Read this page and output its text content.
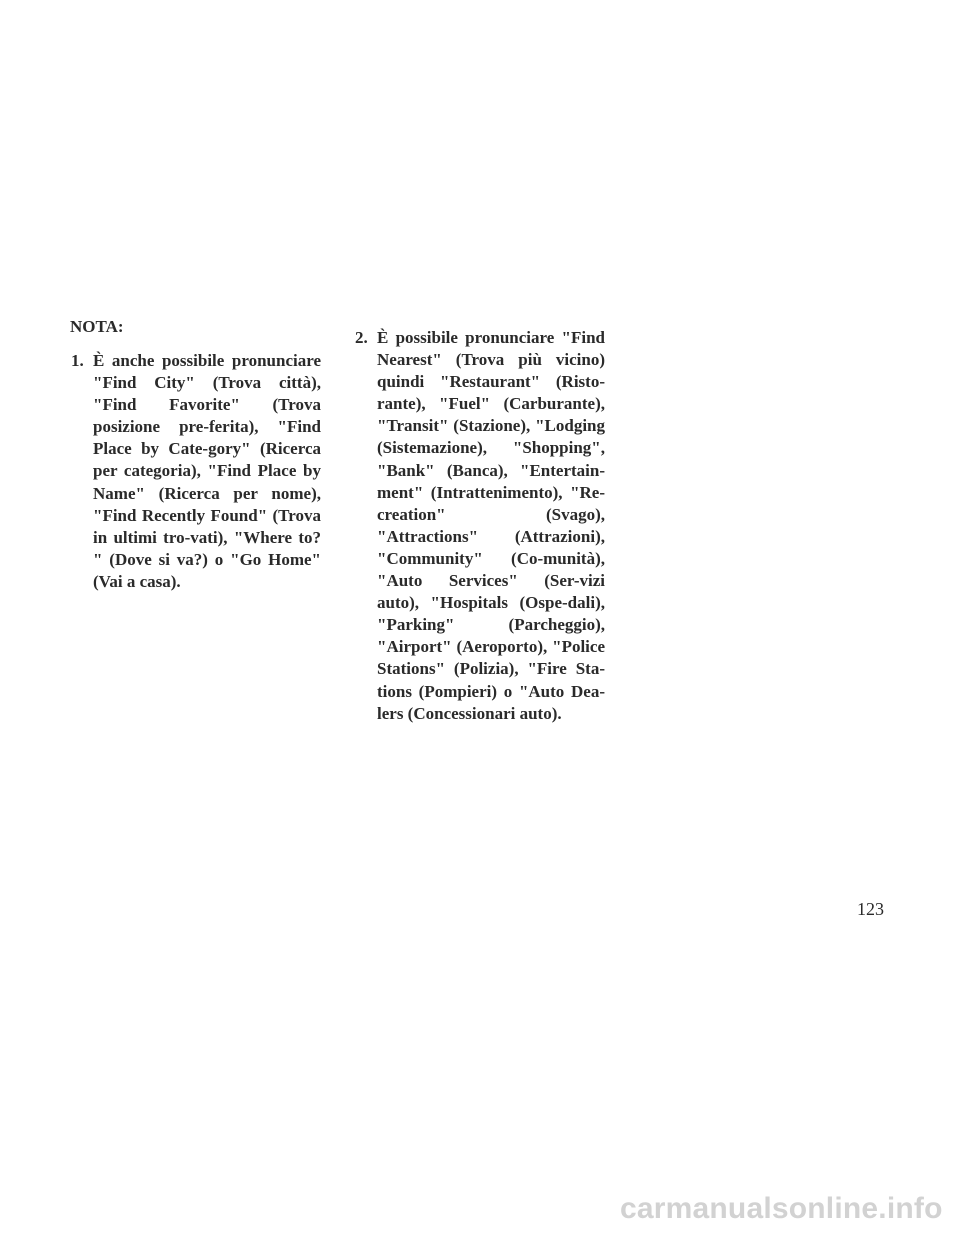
NOTA:
1. È anche possibile pronunciare "Find City" (Trova città), "Find Favorite" (Trova posizione pre-ferita), "Find Place by Cate-gory" (Ricerca per categoria), "Find Place by Name" (Ricerca per nome), "Find Recently Found" (Trova in ultimi tro-vati), "Where to? " (Dove si va?) o "Go Home" (Vai a casa).
2. È possibile pronunciare "Find Nearest" (Trova più vicino) quindi "Restaurant" (Risto-rante), "Fuel" (Carburante), "Transit" (Stazione), "Lodging (Sistemazione), "Shopping", "Bank" (Banca), "Entertain-ment" (Intrattenimento), "Re-creation" (Svago), "Attractions" (Attrazioni), "Community" (Co-munità), "Auto Services" (Ser-vizi auto), "Hospitals (Ospe-dali), "Parking" (Parcheggio), "Airport" (Aeroporto), "Police Stations" (Polizia), "Fire Sta-tions (Pompieri) o "Auto Dea-lers (Concessionari auto).
123
carmanualsonline.info
